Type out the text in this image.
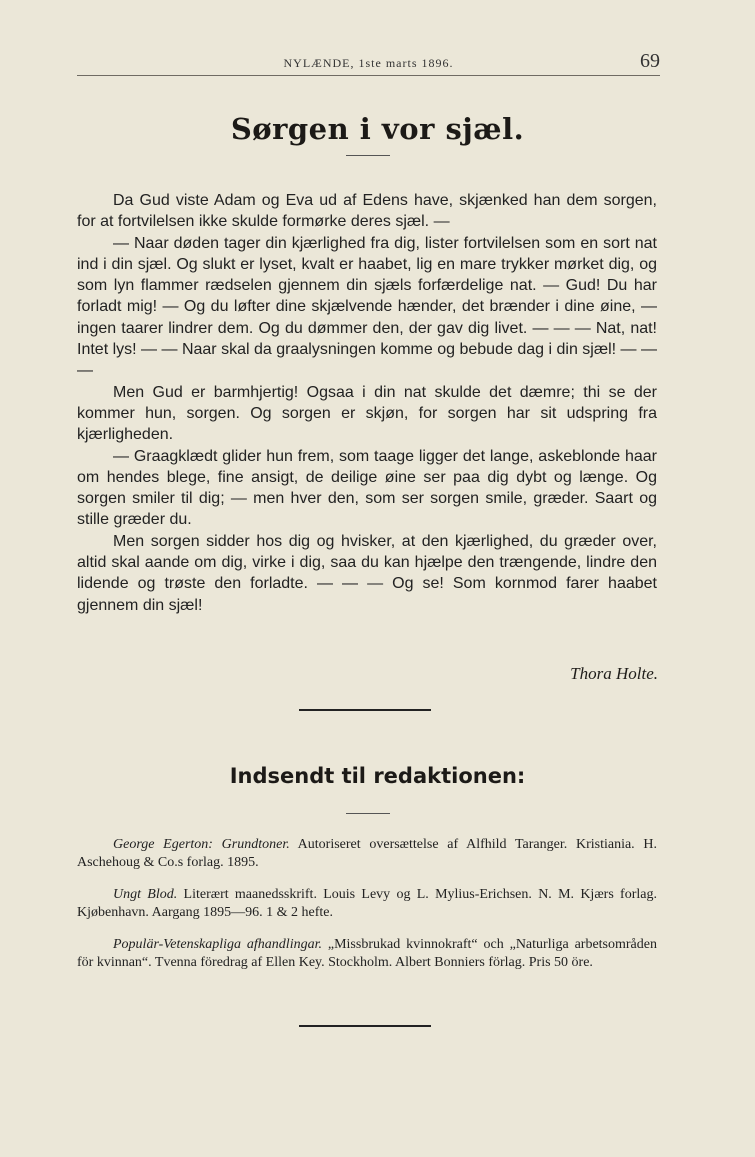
NYLÆNDE, 1ste marts 1896.	69
Sørgen i vor sjæl.

Da Gud viste Adam og Eva ud af Edens have, skjænked han dem sorgen, for at fortvilelsen ikke skulde formørke deres sjæl. —

— Naar døden tager din kjærlighed fra dig, lister fortvilelsen som en sort nat ind i din sjæl. Og slukt er lyset, kvalt er haabet, lig en mare trykker mørket dig, og som lyn flammer rædselen gjennem din sjæls forfærdelige nat. — Gud! Du har forladt mig! — Og du løfter dine skjælvende hænder, det brænder i dine øine, — ingen taarer lindrer dem. Og du dømmer den, der gav dig livet. — — — Nat, nat! Intet lys! — — Naar skal da graalysningen komme og bebude dag i din sjæl! — — —

Men Gud er barmhjertig! Ogsaa i din nat skulde det dæmre; thi se der kommer hun, sorgen. Og sorgen er skjøn, for sorgen har sit udspring fra kjærligheden.

— Graagklædt glider hun frem, som taage ligger det lange, askeblonde haar om hendes blege, fine ansigt, de deilige øine ser paa dig dybt og længe. Og sorgen smiler til dig; — men hver den, som ser sorgen smile, græder. Saart og stille græder du.

Men sorgen sidder hos dig og hvisker, at den kjærlighed, du græder over, altid skal aande om dig, virke i dig, saa du kan hjælpe den trængende, lindre den lidende og trøste den forladte. — — — Og se! Som kornmod farer haabet gjennem din sjæl!

Thora Holte.
Indsendt til redaktionen:

George Egerton: Grundtoner. Autoriseret oversættelse af Alfhild Taranger. Kristiania. H. Aschehoug & Co.s forlag. 1895.

Ungt Blod. Literært maanedsskrift. Louis Levy og L. Mylius-Erichsen. N. M. Kjærs forlag. Kjøbenhavn. Aargang 1895—96. 1 & 2 hefte.

Populär-Vetenskapliga afhandlingar. „Missbrukad kvinnokraft“ och „Naturliga arbetsområden för kvinnan“. Tvenna föredrag af Ellen Key. Stockholm. Albert Bonniers förlag. Pris 50 öre.
